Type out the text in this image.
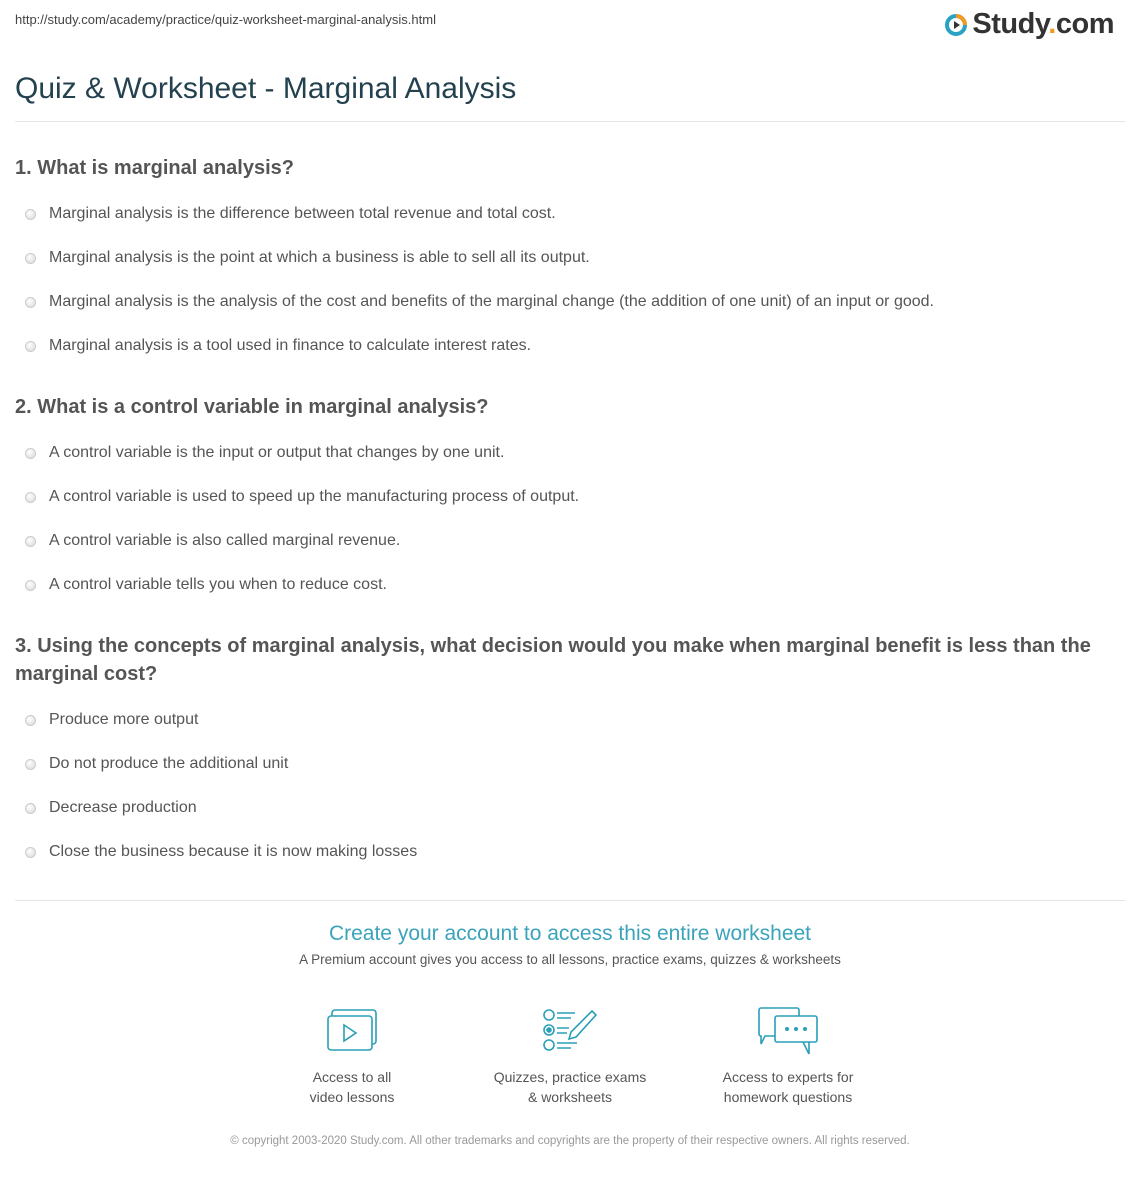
http://study.com/academy/practice/quiz-worksheet-marginal-analysis.html	Study.com
Quiz & Worksheet - Marginal Analysis
1. What is marginal analysis?
Marginal analysis is the difference between total revenue and total cost.
Marginal analysis is the point at which a business is able to sell all its output.
Marginal analysis is the analysis of the cost and benefits of the marginal change (the addition of one unit) of an input or good.
Marginal analysis is a tool used in finance to calculate interest rates.
2. What is a control variable in marginal analysis?
A control variable is the input or output that changes by one unit.
A control variable is used to speed up the manufacturing process of output.
A control variable is also called marginal revenue.
A control variable tells you when to reduce cost.
3. Using the concepts of marginal analysis, what decision would you make when marginal benefit is less than the marginal cost?
Produce more output
Do not produce the additional unit
Decrease production
Close the business because it is now making losses
Create your account to access this entire worksheet
A Premium account gives you access to all lessons, practice exams, quizzes & worksheets
Access to all
video lessons
Quizzes, practice exams
& worksheets
Access to experts for
homework questions
© copyright 2003-2020 Study.com. All other trademarks and copyrights are the property of their respective owners. All rights reserved.
